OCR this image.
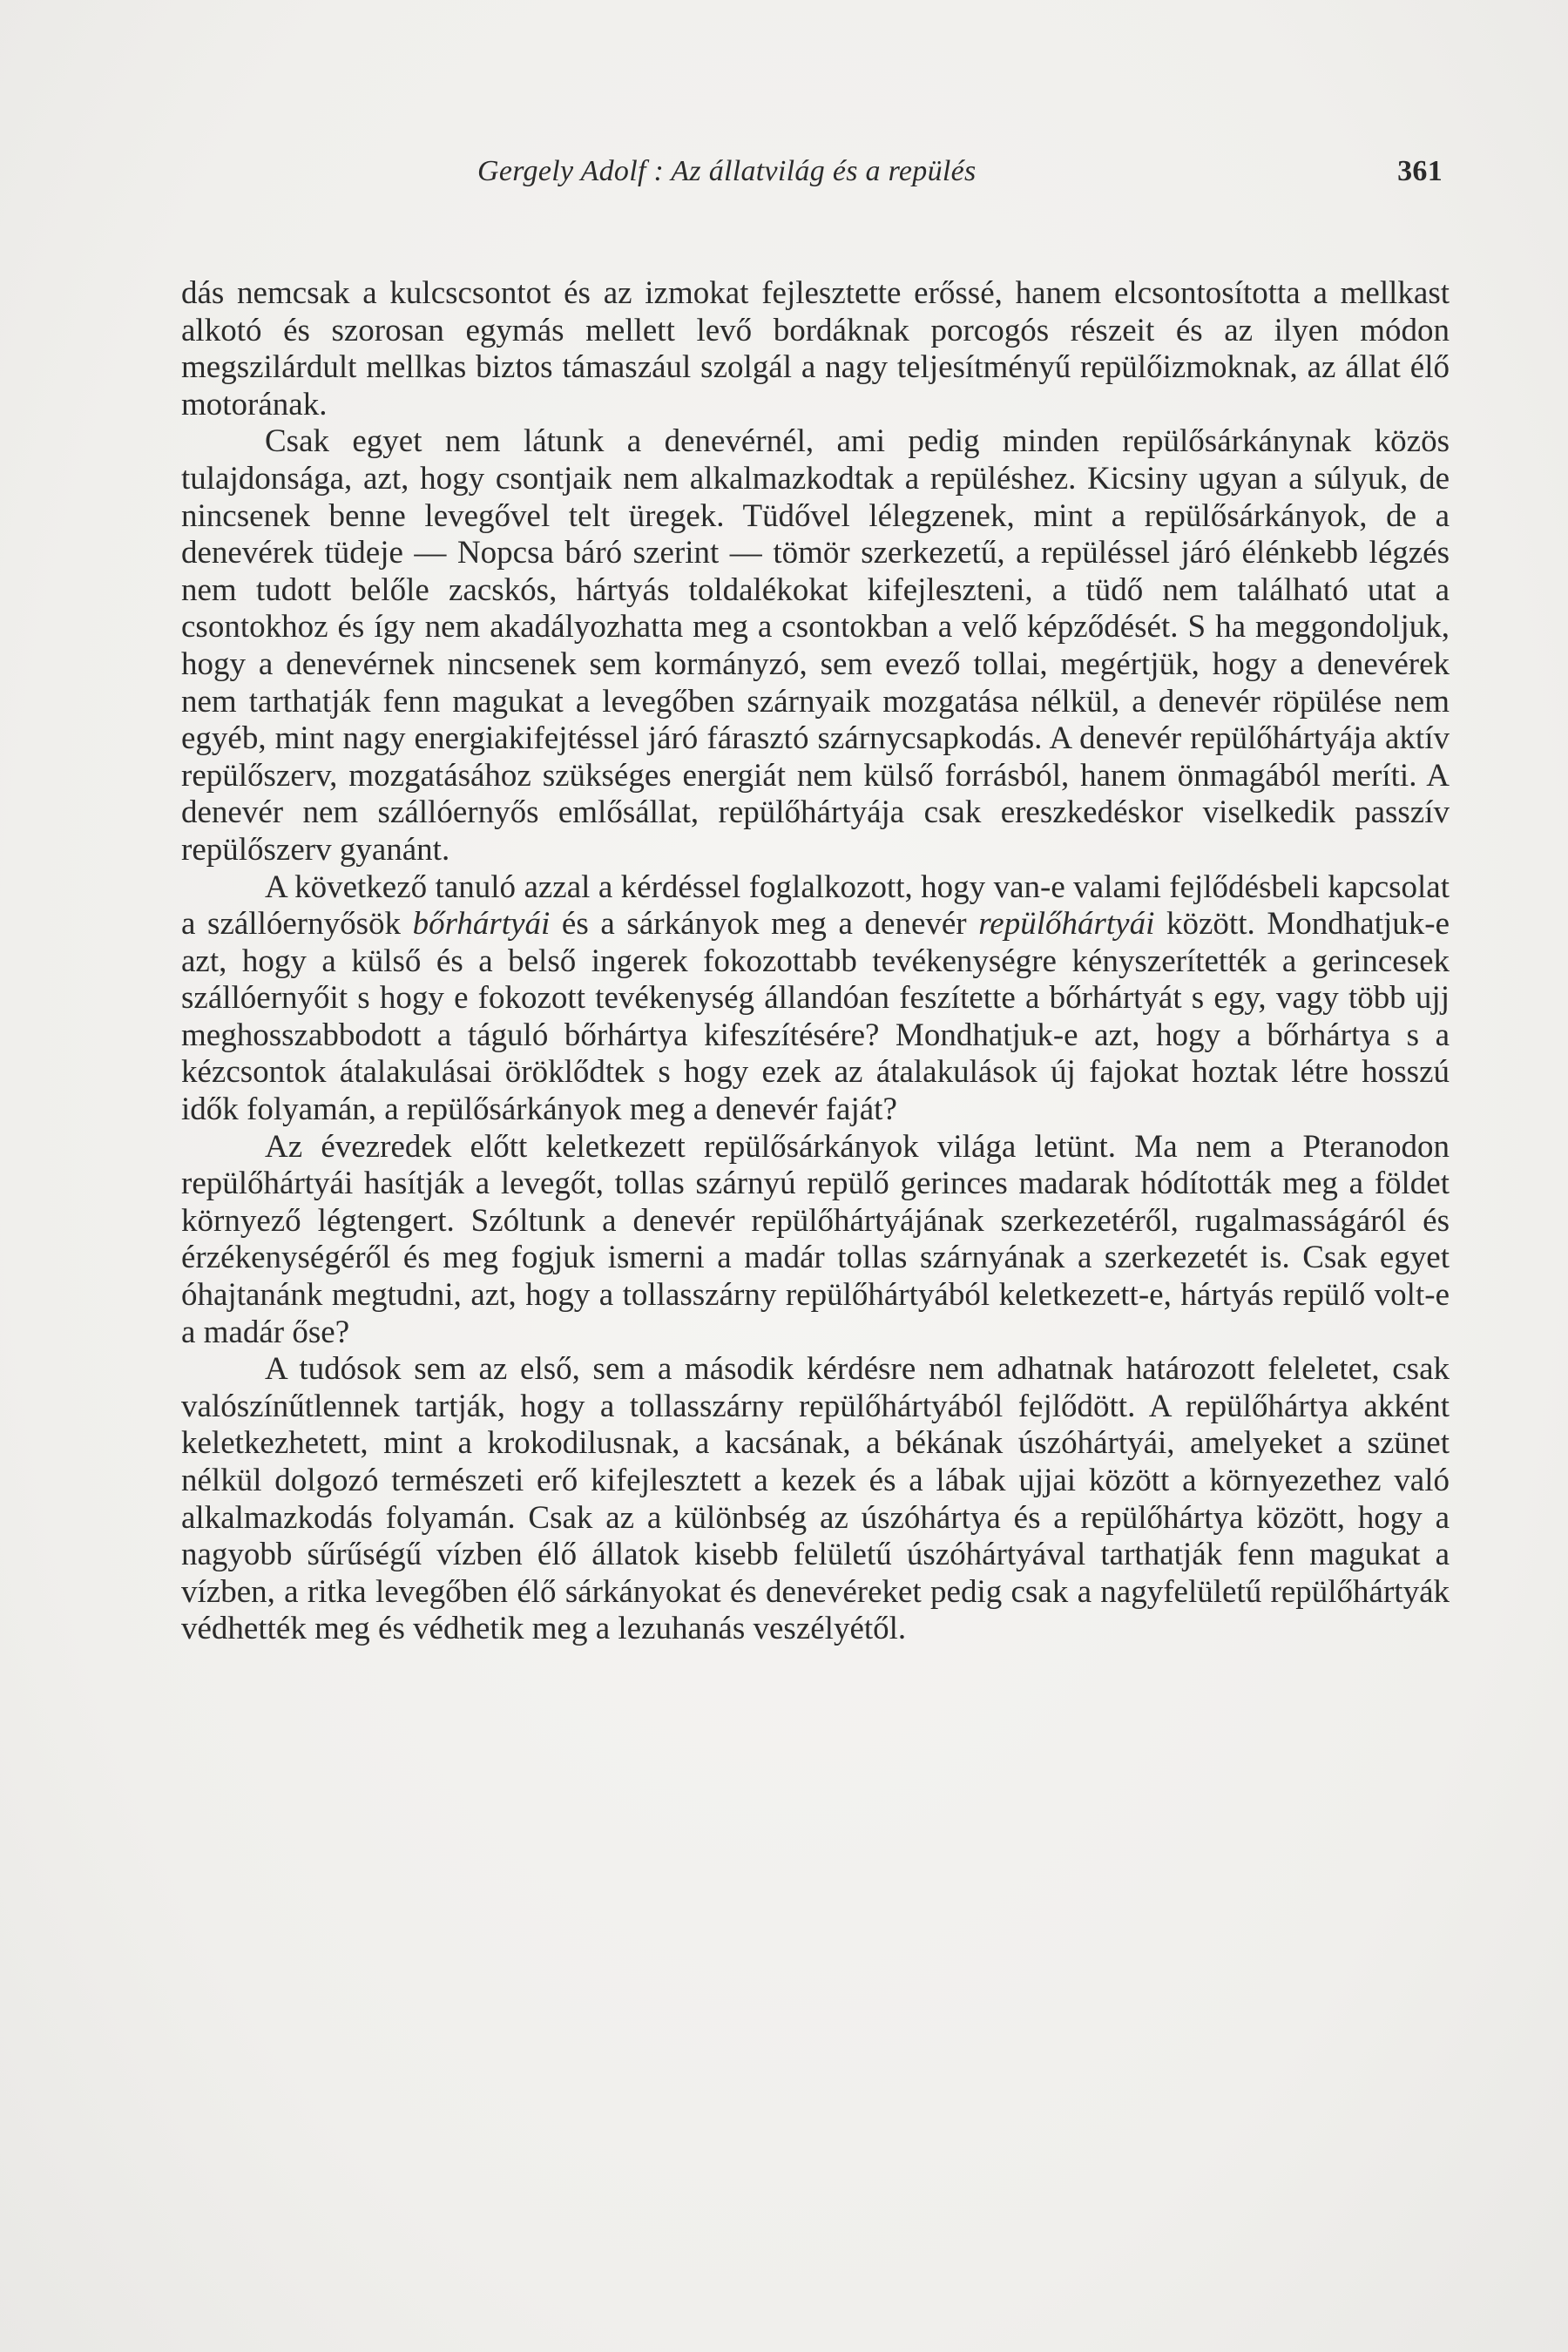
Gergely Adolf : Az állatvilág és a repülés	361

dás nemcsak a kulcscsontot és az izmokat fejlesztette erőssé, hanem elcsontosította a mellkast alkotó és szorosan egymás mellett levő bordáknak porcogós részeit és az ilyen módon megszilárdult mellkas biztos támaszául szolgál a nagy teljesítményű repülőizmoknak, az állat élő motorának.

Csak egyet nem látunk a denevérnél, ami pedig minden repülősárkánynak közös tulajdonsága, azt, hogy csontjaik nem alkalmazkodtak a repüléshez. Kicsiny ugyan a súlyuk, de nincsenek benne levegővel telt üregek. Tüdővel lélegzenek, mint a repülősárkányok, de a denevérek tüdeje — Nopcsa báró szerint — tömör szerkezetű, a repüléssel járó élénkebb légzés nem tudott belőle zacskós, hártyás toldalékokat kifejleszteni, a tüdő nem található utat a csontokhoz és így nem akadályozhatta meg a csontokban a velő képződését. S ha meggondoljuk, hogy a denevérnek nincsenek sem kormányzó, sem evező tollai, megértjük, hogy a denevérek nem tarthatják fenn magukat a levegőben szárnyaik mozgatása nélkül, a denevér röpülése nem egyéb, mint nagy energiakifejtéssel járó fárasztó szárnycsapkodás. A denevér repülőhártyája aktív repülőszerv, mozgatásához szükséges energiát nem külső forrásból, hanem önmagából meríti. A denevér nem szállóernyős emlősállat, repülőhártyája csak ereszkedéskor viselkedik passzív repülőszerv gyanánt.

A következő tanuló azzal a kérdéssel foglalkozott, hogy van-e valami fejlődésbeli kapcsolat a szállóernyősök bőrhártyái és a sárkányok meg a denevér repülőhártyái között. Mondhatjuk-e azt, hogy a külső és a belső ingerek fokozottabb tevékenységre kényszerítették a gerincesek szállóernyőit s hogy e fokozott tevékenység állandóan feszítette a bőrhártyát s egy, vagy több ujj meghosszabbodott a táguló bőrhártya kifeszítésére? Mondhatjuk-e azt, hogy a bőrhártya s a kézcsontok átalakulásai öröklődtek s hogy ezek az átalakulások új fajokat hoztak létre hosszú idők folyamán, a repülősárkányok meg a denevér faját?

Az évezredek előtt keletkezett repülősárkányok világa letünt. Ma nem a Pteranodon repülőhártyái hasítják a levegőt, tollas szárnyú repülő gerinces madarak hódították meg a földet környező légtengert. Szóltunk a denevér repülőhártyájának szerkezetéről, rugalmasságáról és érzékenységéről és meg fogjuk ismerni a madár tollas szárnyának a szerkezetét is. Csak egyet óhajtanánk megtudni, azt, hogy a tollasszárny repülőhártyából keletkezett-e, hártyás repülő volt-e a madár őse?

A tudósok sem az első, sem a második kérdésre nem adhatnak határozott feleletet, csak valószínűtlennek tartják, hogy a tollasszárny repülőhártyából fejlődött. A repülőhártya akként keletkezhetett, mint a krokodilusnak, a kacsának, a békának úszóhártyái, amelyeket a szünet nélkül dolgozó természeti erő kifejlesztett a kezek és a lábak ujjai között a környezethez való alkalmazkodás folyamán. Csak az a különbség az úszóhártya és a repülőhártya között, hogy a nagyobb sűrűségű vízben élő állatok kisebb felületű úszóhártyával tarthatják fenn magukat a vízben, a ritka levegőben élő sárkányokat és denevéreket pedig csak a nagyfelületű repülőhártyák védhették meg és védhetik meg a lezuhanás veszélyétől.
